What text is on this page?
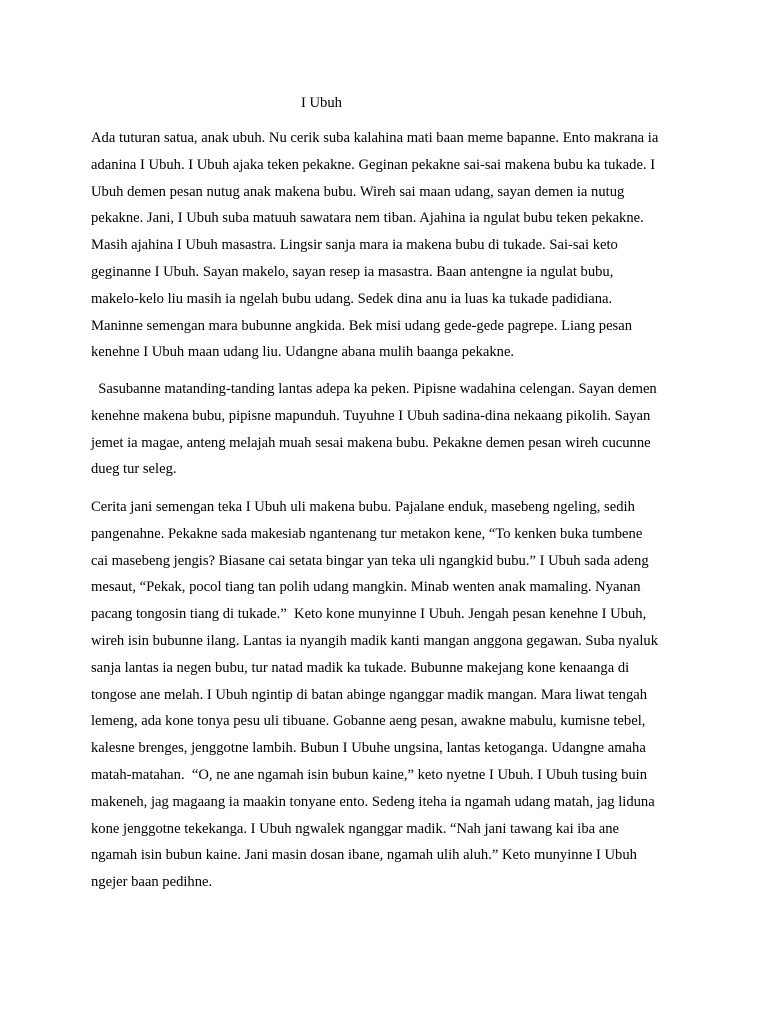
I Ubuh

Ada tuturan satua, anak ubuh. Nu cerik suba kalahina mati baan meme bapanne. Ento makrana ia
adanina I Ubuh. I Ubuh ajaka teken pekakne. Geginan pekakne sai-sai makena bubu ka tukade. I
Ubuh demen pesan nutug anak makena bubu. Wireh sai maan udang, sayan demen ia nutug
pekakne. Jani, I Ubuh suba matuuh sawatara nem tiban. Ajahina ia ngulat bubu teken pekakne.
Masih ajahina I Ubuh masastra. Lingsir sanja mara ia makena bubu di tukade. Sai-sai keto
geginanne I Ubuh. Sayan makelo, sayan resep ia masastra. Baan antengne ia ngulat bubu,
makelo-kelo liu masih ia ngelah bubu udang. Sedek dina anu ia luas ka tukade padidiana.
Maninne semengan mara bubunne angkida. Bek misi udang gede-gede pagrepe. Liang pesan
kenehne I Ubuh maan udang liu. Udangne abana mulih baanga pekakne.

Sasubanne matanding-tanding lantas adepa ka peken. Pipisne wadahina celengan. Sayan demen
kenehne makena bubu, pipisne mapunduh. Tuyuhne I Ubuh sadina-dina nekaang pikolih. Sayan
jemet ia magae, anteng melajah muah sesai makena bubu. Pekakne demen pesan wireh cucunne
dueg tur seleg.

Cerita jani semengan teka I Ubuh uli makena bubu. Pajalane enduk, masebeng ngeling, sedih
pangenahne. Pekakne sada makesiab ngantenang tur metakon kene, “To kenken buka tumbene
cai masebeng jengis? Biasane cai setata bingar yan teka uli ngangkid bubu.” I Ubuh sada adeng
mesaut, “Pekak, pocol tiang tan polih udang mangkin. Minab wenten anak mamaling. Nyanan
pacang tongosin tiang di tukade.”  Keto kone munyinne I Ubuh. Jengah pesan kenehne I Ubuh,
wireh isin bubunne ilang. Lantas ia nyangih madik kanti mangan anggona gegawan. Suba nyaluk
sanja lantas ia negen bubu, tur natad madik ka tukade. Bubunne makejang kone kenaanga di
tongose ane melah. I Ubuh ngintip di batan abinge nganggar madik mangan. Mara liwat tengah
lemeng, ada kone tonya pesu uli tibuane. Gobanne aeng pesan, awakne mabulu, kumisne tebel,
kalesne brenges, jenggotne lambih. Bubun I Ubuhe ungsina, lantas ketoganga. Udangne amaha
matah-matahan.  “O, ne ane ngamah isin bubun kaine,” keto nyetne I Ubuh. I Ubuh tusing buin
makeneh, jag magaang ia maakin tonyane ento. Sedeng iteha ia ngamah udang matah, jag liduna
kone jenggotne tekekanga. I Ubuh ngwalek nganggar madik. “Nah jani tawang kai iba ane
ngamah isin bubun kaine. Jani masin dosan ibane, ngamah ulih aluh.” Keto munyinne I Ubuh
ngejer baan pedihne.
